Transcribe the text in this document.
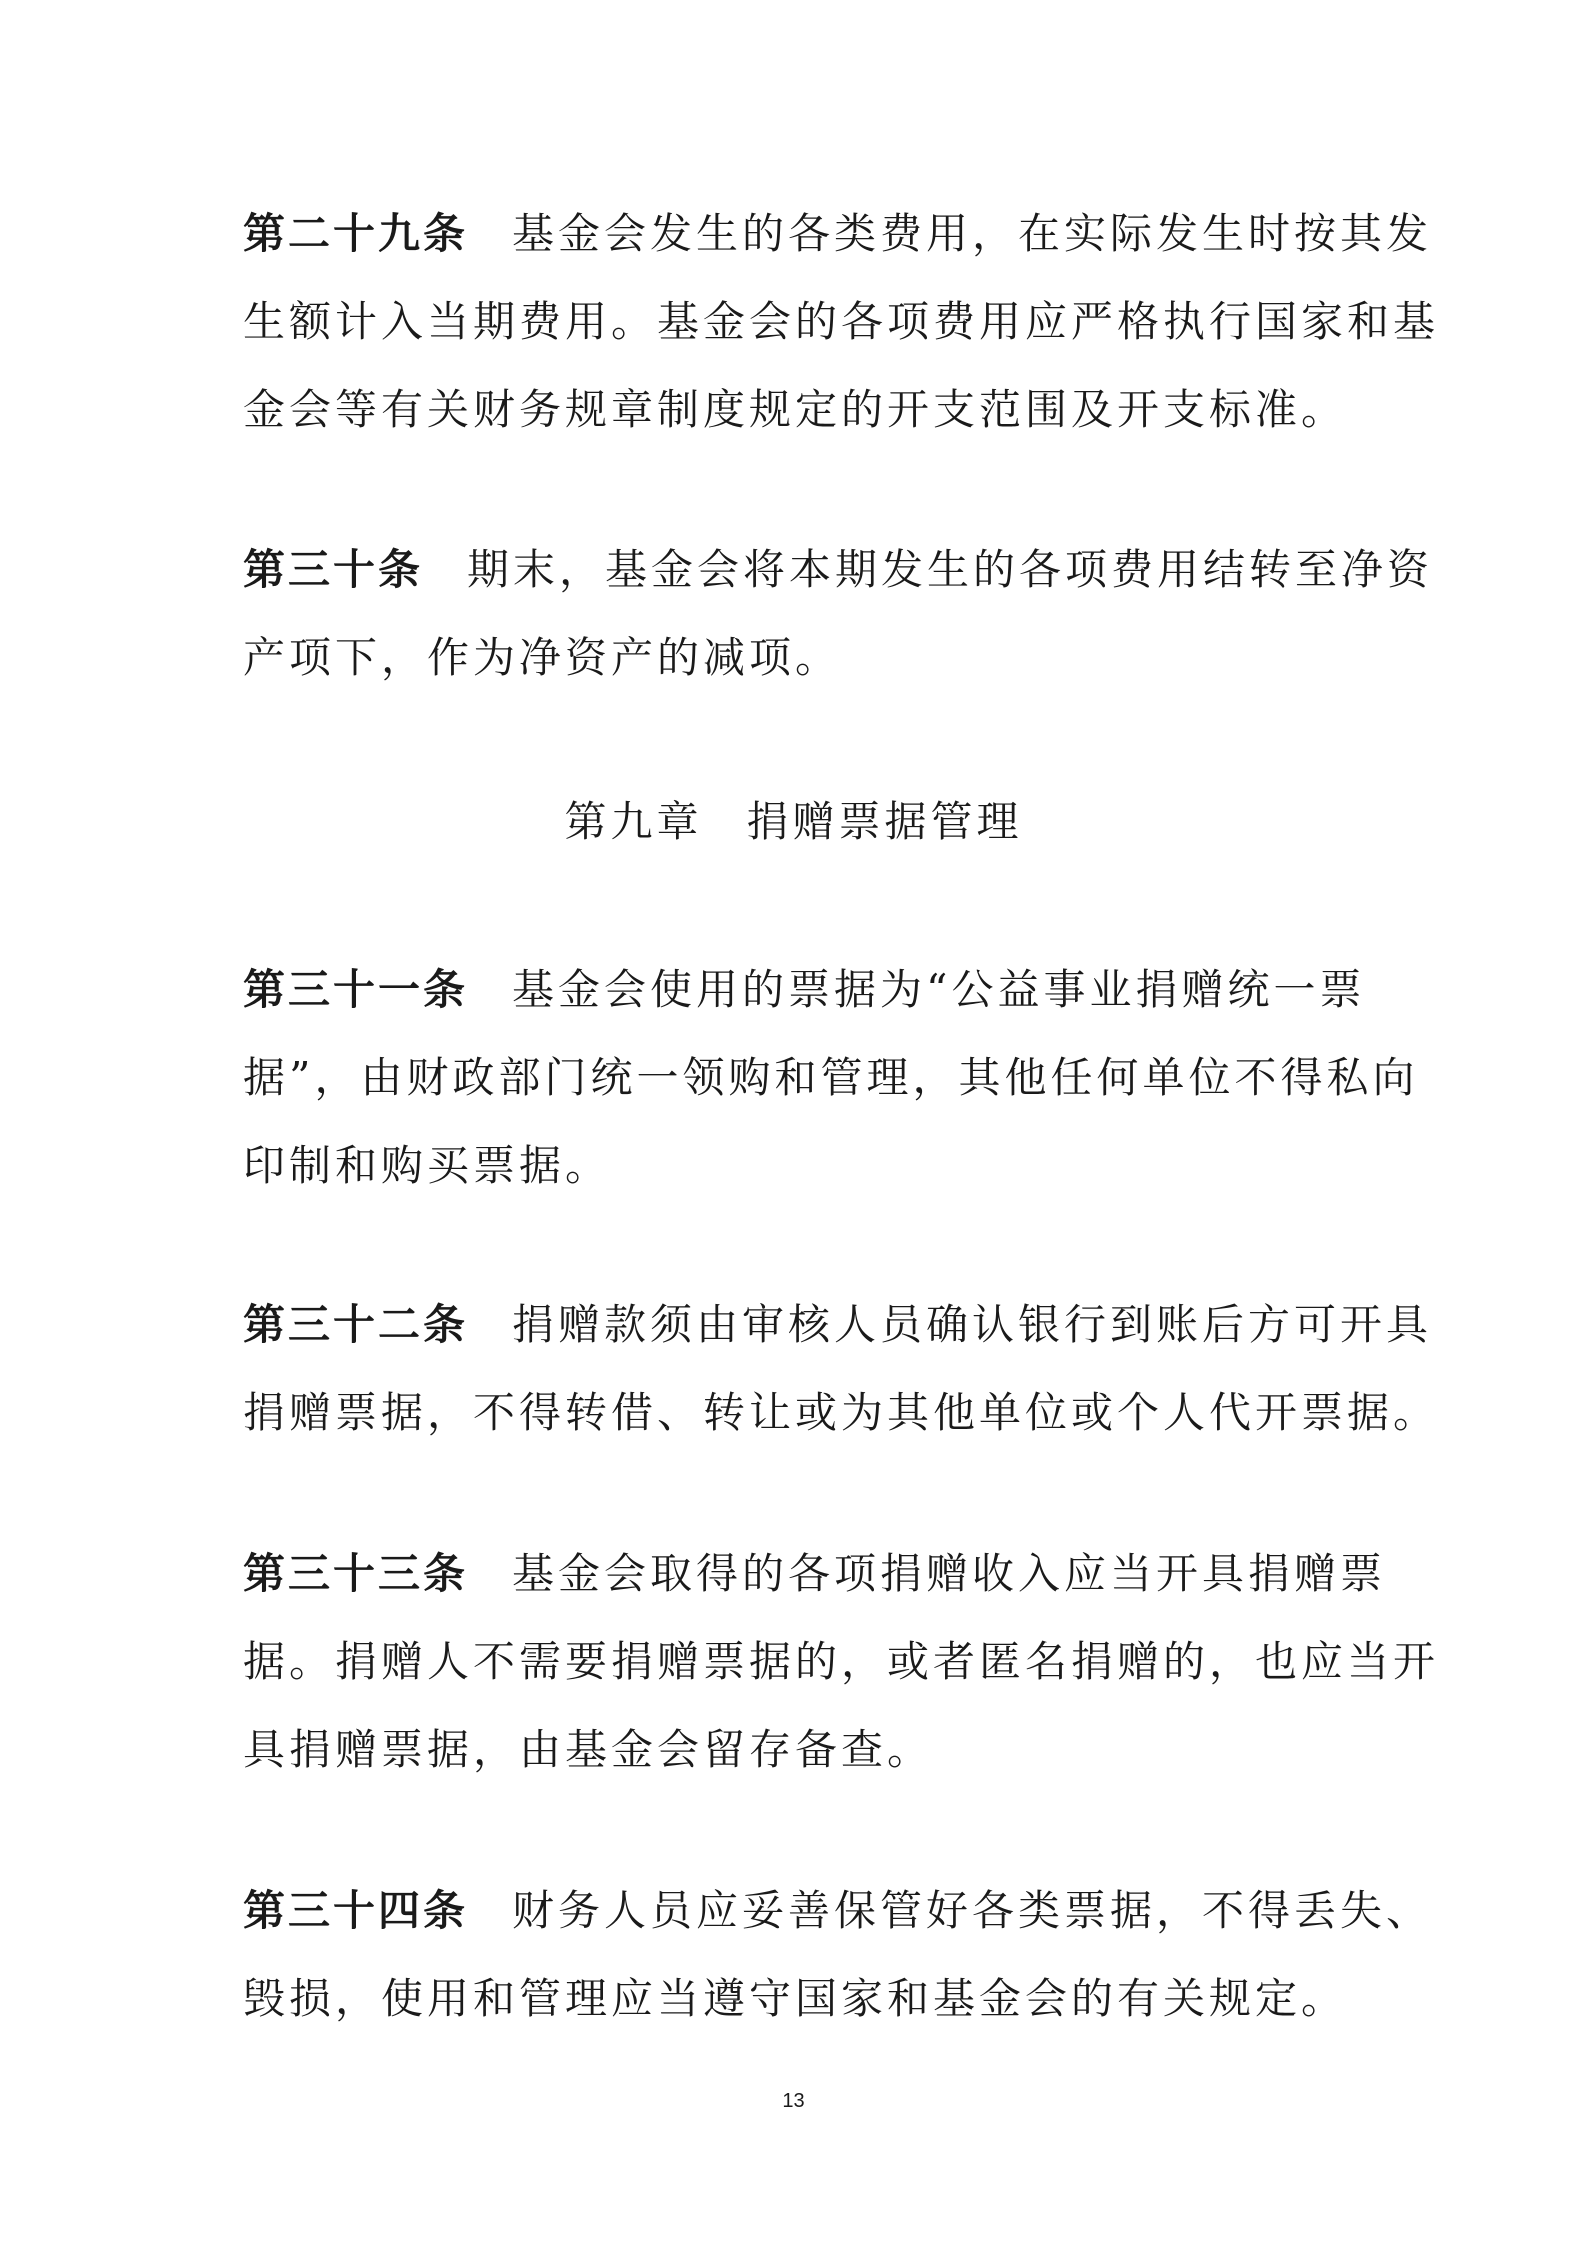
第二十九条 基金会发生的各类费用，在实际发生时按其发生额计入当期费用。基金会的各项费用应严格执行国家和基金会等有关财务规章制度规定的开支范围及开支标准。

第三十条 期末，基金会将本期发生的各项费用结转至净资产项下，作为净资产的减项。

第九章 捐赠票据管理

第三十一条 基金会使用的票据为“公益事业捐赠统一票据”，由财政部门统一领购和管理，其他任何单位不得私向印制和购买票据。

第三十二条 捐赠款须由审核人员确认银行到账后方可开具捐赠票据，不得转借、转让或为其他单位或个人代开票据。

第三十三条 基金会取得的各项捐赠收入应当开具捐赠票据。捐赠人不需要捐赠票据的，或者匿名捐赠的，也应当开具捐赠票据，由基金会留存备查。

第三十四条 财务人员应妥善保管好各类票据，不得丢失、毁损，使用和管理应当遵守国家和基金会的有关规定。

13
